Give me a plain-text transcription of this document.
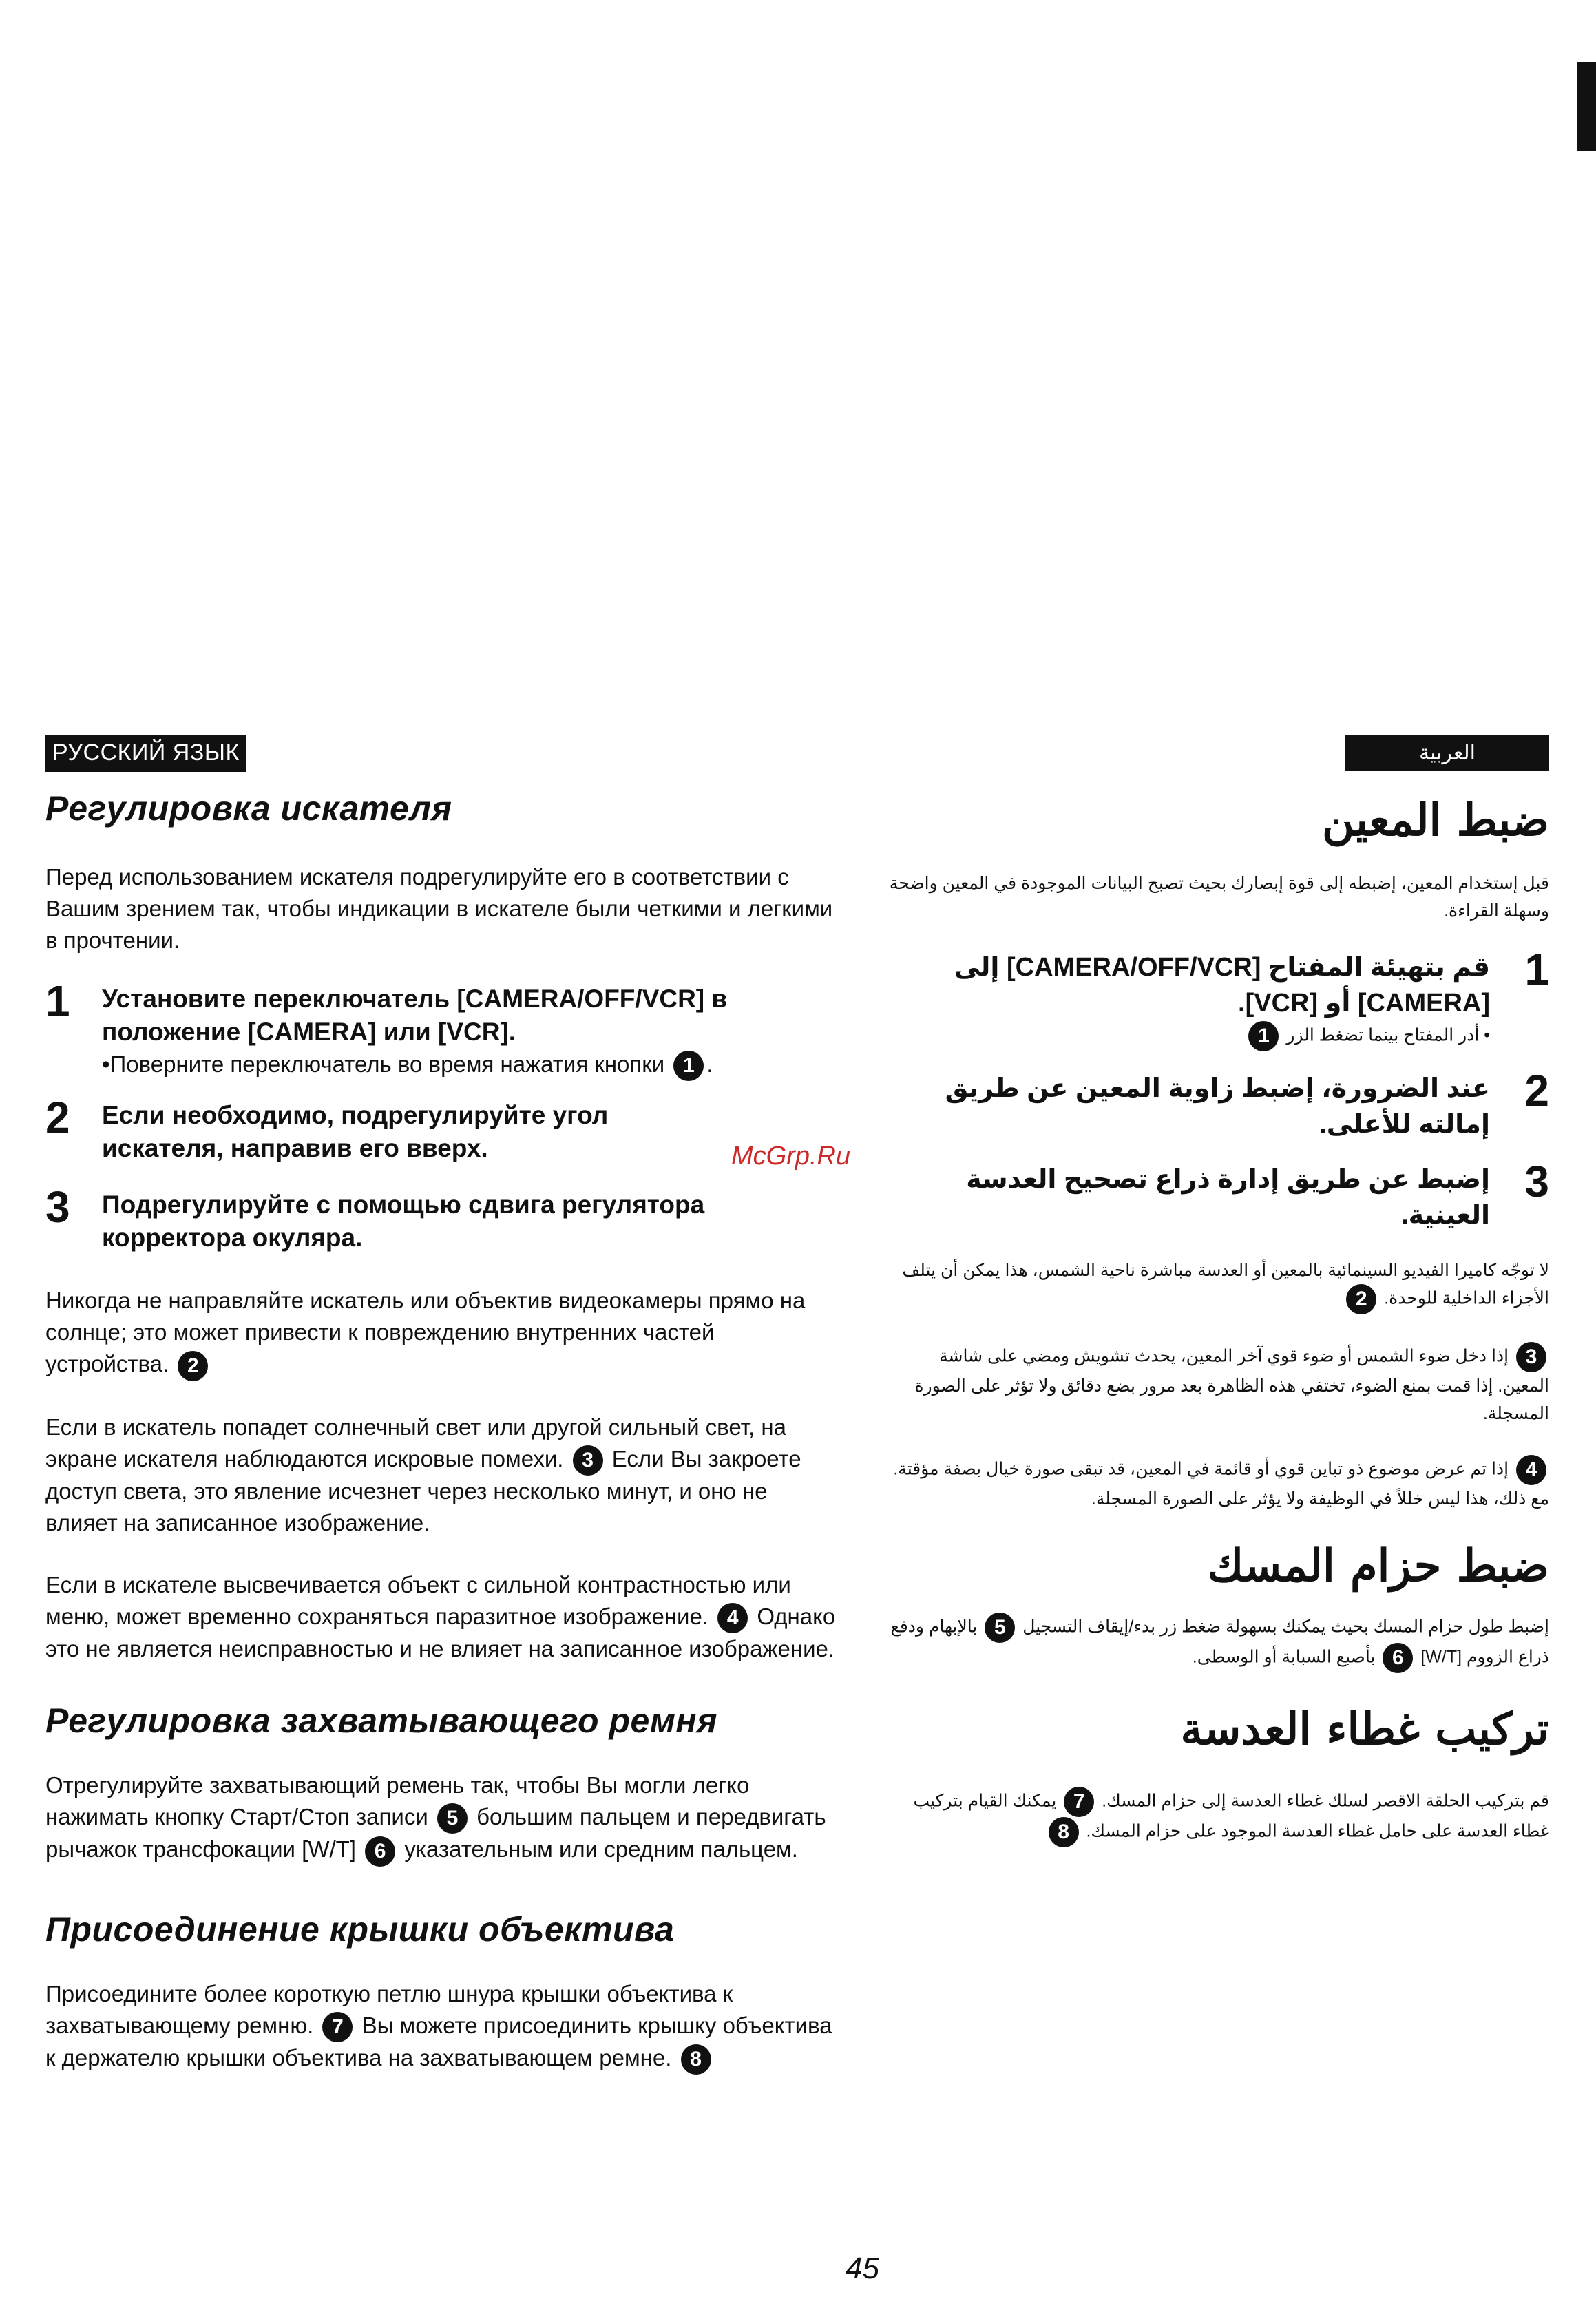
РУССКИЙ ЯЗЫК
Регулировка искателя

Перед использованием искателя подрегулируйте его в соответствии с Вашим зрением так, чтобы индикации в искателе были четкими и легкими в прочтении.

1 Установите переключатель [CAMERA/OFF/VCR] в положение [CAMERA] или [VCR].
•Поверните переключатель во время нажатия кнопки 1 .
2 Если необходимо, подрегулируйте угол искателя, направив его вверх.
3 Подрегулируйте с помощью сдвига регулятора корректора окуляра.

Никогда не направляйте искатель или объектив видеокамеры прямо на солнце; это может привести к повреждению внутренних частей устройства. 2

Если в искатель попадет солнечный свет или другой сильный свет, на экране искателя наблюдаются искровые помехи. 3 Если Вы закроете доступ света, это явление исчезнет через несколько минут, и оно не влияет на записанное изображение.

Если в искателе высвечивается объект с сильной контрастностью или меню, может временно сохраняться паразитное изображение. 4 Однако это не является неисправностью и не влияет на записанное изображение.

Регулировка захватывающего ремня

Отрегулируйте захватывающий ремень так, чтобы Вы могли легко нажимать кнопку Старт/Стоп записи 5 большим пальцем и передвигать рычажок трансфокации [W/T] 6 указательным или средним пальцем.

Присоединение крышки объектива

Присоедините более короткую петлю шнура крышки объектива к захватывающему ремню. 7 Вы можете присоединить крышку объектива к держателю крышки объектива на захватывающем ремне. 8

العربية
ضبط المعين

قبل إستخدام المعين، إضبطه إلى قوة إبصارك بحيث تصبح البيانات الموجودة في المعين واضحة وسهلة القراءة.

1
قم بتهيئة المفتاح [CAMERA/OFF/VCR] إلى [CAMERA] أو [VCR].
• أدر المفتاح بينما تضغط الزر 1
2
عند الضرورة، إضبط زاوية المعين عن طريق إمالته للأعلى.
3
إضبط عن طريق إدارة ذراع تصحيح العدسة العينية.

لا توجّه كاميرا الفيديو السينمائية بالمعين أو العدسة مباشرة ناحية الشمس، هذا يمكن أن يتلف الأجزاء الداخلية للوحدة. 2

3 إذا دخل ضوء الشمس أو ضوء قوي آخر المعين، يحدث تشويش ومضي على شاشة المعين. إذا قمت بمنع الضوء، تختفي هذه الظاهرة بعد مرور بضع دقائق ولا تؤثر على الصورة المسجلة.

4 إذا تم عرض موضوع ذو تباين قوي أو قائمة في المعين، قد تبقى صورة خيال بصفة مؤقتة. مع ذلك، هذا ليس خللاً في الوظيفة ولا يؤثر على الصورة المسجلة.

ضبط حزام المسك

إضبط طول حزام المسك بحيث يمكنك بسهولة ضغط زر بدء/إيقاف التسجيل 5 بالإبهام ودفع ذراع الزووم [W/T] 6 بأصبع السبابة أو الوسطى.

تركيب غطاء العدسة

قم بتركيب الحلقة الاقصر لسلك غطاء العدسة إلى حزام المسك. 7 يمكنك القيام بتركيب غطاء العدسة على حامل غطاء العدسة الموجود على حزام المسك. 8

McGrp.Ru
45
